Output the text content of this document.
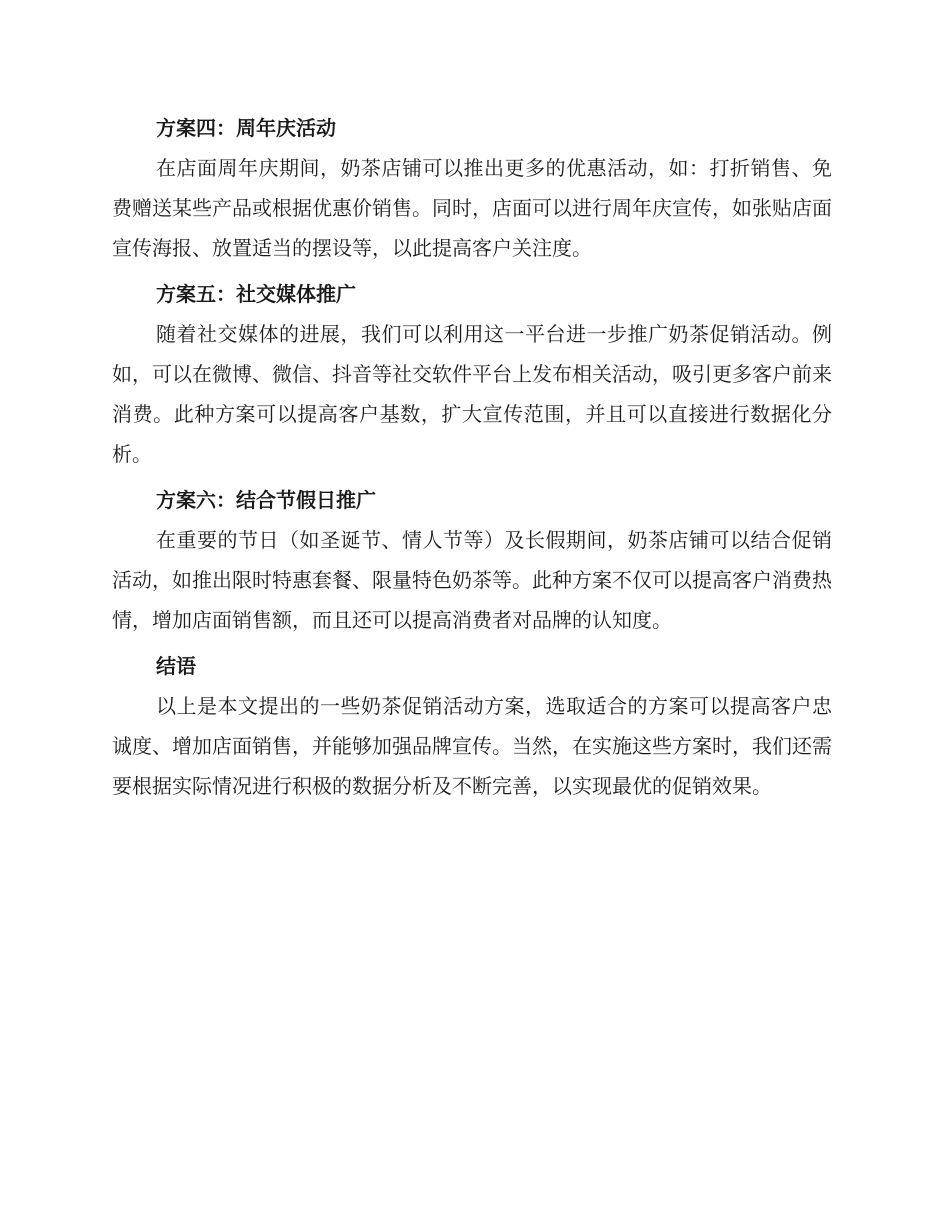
方案四：周年庆活动

在店面周年庆期间，奶茶店铺可以推出更多的优惠活动，如：打折销售、免费赠送某些产品或根据优惠价销售。同时，店面可以进行周年庆宣传，如张贴店面宣传海报、放置适当的摆设等，以此提高客户关注度。

方案五：社交媒体推广

随着社交媒体的进展，我们可以利用这一平台进一步推广奶茶促销活动。例如，可以在微博、微信、抖音等社交软件平台上发布相关活动，吸引更多客户前来消费。此种方案可以提高客户基数，扩大宣传范围，并且可以直接进行数据化分析。

方案六：结合节假日推广

在重要的节日（如圣诞节、情人节等）及长假期间，奶茶店铺可以结合促销活动，如推出限时特惠套餐、限量特色奶茶等。此种方案不仅可以提高客户消费热情，增加店面销售额，而且还可以提高消费者对品牌的认知度。

结语

以上是本文提出的一些奶茶促销活动方案，选取适合的方案可以提高客户忠诚度、增加店面销售，并能够加强品牌宣传。当然，在实施这些方案时，我们还需要根据实际情况进行积极的数据分析及不断完善，以实现最优的促销效果。
